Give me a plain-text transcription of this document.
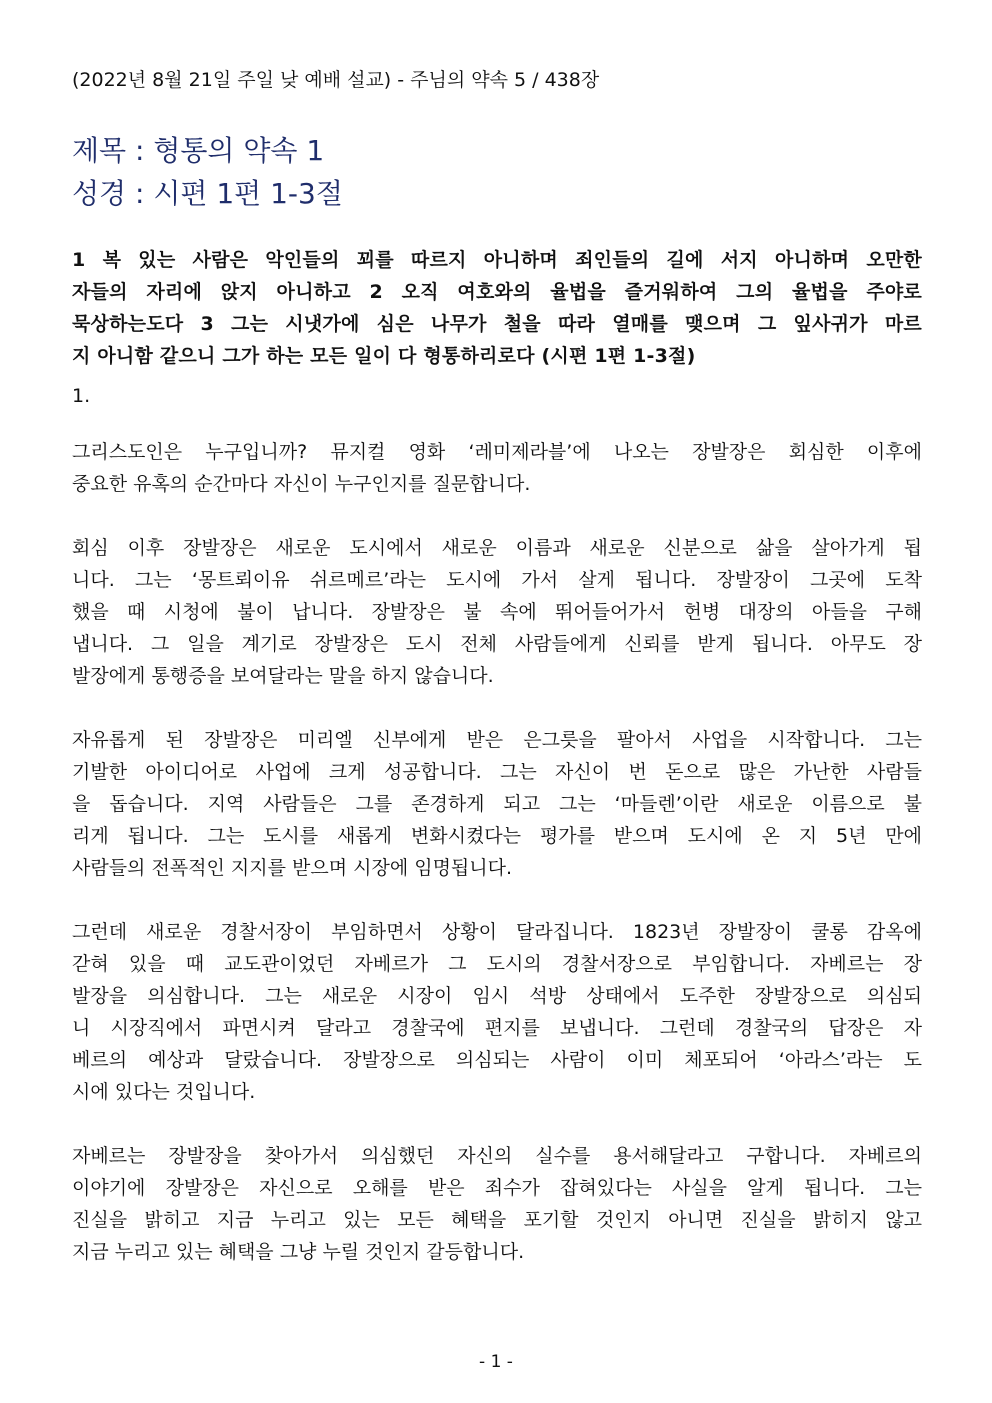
(2022년 8월 21일 주일 낮 예배 설교) - 주님의 약속 5 / 438장
제목 : 형통의 약속 1
성경 : 시편 1편 1-3절
1 복 있는 사람은 악인들의 꾀를 따르지 아니하며 죄인들의 길에 서지 아니하며 오만한
자들의 자리에 앉지 아니하고 2 오직 여호와의 율법을 즐거워하여 그의 율법을 주야로
묵상하는도다 3 그는 시냇가에 심은 나무가 철을 따라 열매를 맺으며 그 잎사귀가 마르
지 아니함 같으니 그가 하는 모든 일이 다 형통하리로다 (시편 1편 1-3절)
1.
그리스도인은 누구입니까? 뮤지컬 영화 ‘레미제라블’에 나오는 장발장은 회심한 이후에
중요한 유혹의 순간마다 자신이 누구인지를 질문합니다.
회심 이후 장발장은 새로운 도시에서 새로운 이름과 새로운 신분으로 삶을 살아가게 됩
니다. 그는 ‘몽트뢰이유 쉬르메르’라는 도시에 가서 살게 됩니다. 장발장이 그곳에 도착
했을 때 시청에 불이 납니다. 장발장은 불 속에 뛰어들어가서 헌병 대장의 아들을 구해
냅니다. 그 일을 계기로 장발장은 도시 전체 사람들에게 신뢰를 받게 됩니다. 아무도 장
발장에게 통행증을 보여달라는 말을 하지 않습니다.
자유롭게 된 장발장은 미리엘 신부에게 받은 은그릇을 팔아서 사업을 시작합니다. 그는
기발한 아이디어로 사업에 크게 성공합니다. 그는 자신이 번 돈으로 많은 가난한 사람들
을 돕습니다. 지역 사람들은 그를 존경하게 되고 그는 ‘마들렌’이란 새로운 이름으로 불
리게 됩니다. 그는 도시를 새롭게 변화시켰다는 평가를 받으며 도시에 온 지 5년 만에
사람들의 전폭적인 지지를 받으며 시장에 임명됩니다.
그런데 새로운 경찰서장이 부임하면서 상황이 달라집니다. 1823년 장발장이 쿨롱 감옥에
갇혀 있을 때 교도관이었던 자베르가 그 도시의 경찰서장으로 부임합니다. 자베르는 장
발장을 의심합니다. 그는 새로운 시장이 임시 석방 상태에서 도주한 장발장으로 의심되
니 시장직에서 파면시켜 달라고 경찰국에 편지를 보냅니다. 그런데 경찰국의 답장은 자
베르의 예상과 달랐습니다. 장발장으로 의심되는 사람이 이미 체포되어 ‘아라스’라는 도
시에 있다는 것입니다.
자베르는 장발장을 찾아가서 의심했던 자신의 실수를 용서해달라고 구합니다. 자베르의
이야기에 장발장은 자신으로 오해를 받은 죄수가 잡혀있다는 사실을 알게 됩니다. 그는
진실을 밝히고 지금 누리고 있는 모든 혜택을 포기할 것인지 아니면 진실을 밝히지 않고
지금 누리고 있는 혜택을 그냥 누릴 것인지 갈등합니다.
- 1 -
